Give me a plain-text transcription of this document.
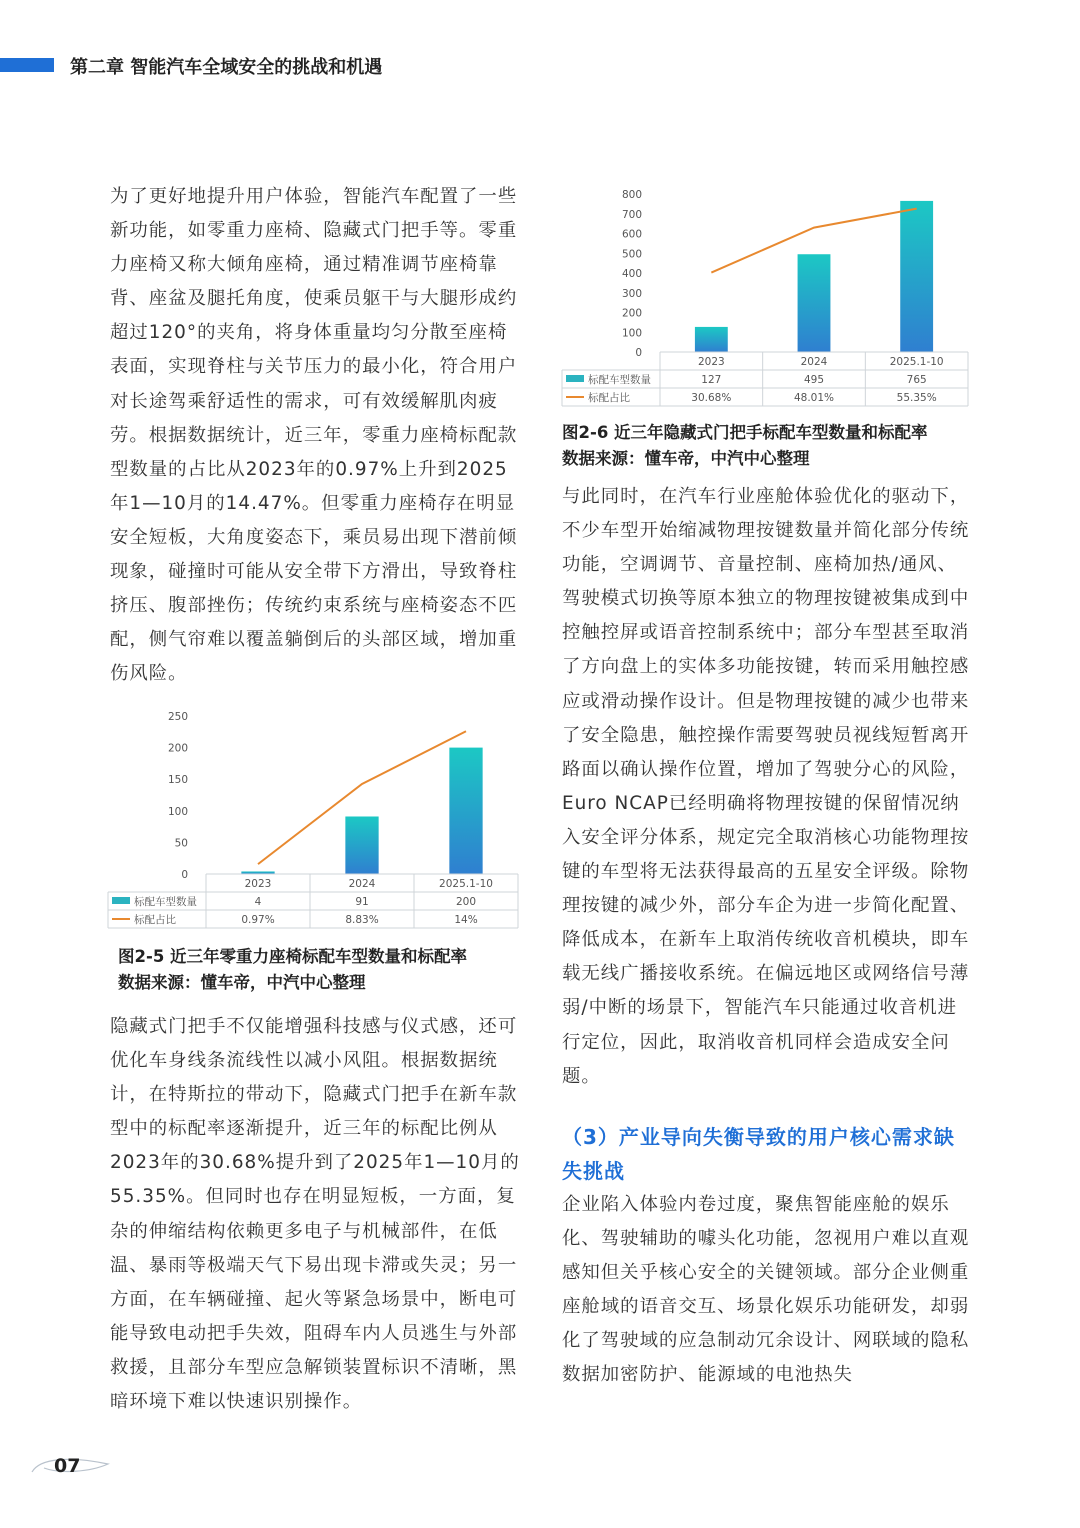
第二章 智能汽车全域安全的挑战和机遇

为了更好地提升用户体验，智能汽车配置了一些新功能，如零重力座椅、隐藏式门把手等。零重力座椅又称大倾角座椅，通过精准调节座椅靠背、座盆及腿托角度，使乘员躯干与大腿形成约超过120°的夹角，将身体重量均匀分散至座椅表面，实现脊柱与关节压力的最小化，符合用户对长途驾乘舒适性的需求，可有效缓解肌肉疲劳。根据数据统计，近三年，零重力座椅标配款型数量的占比从2023年的0.97%上升到2025年1—10月的14.47%。但零重力座椅存在明显安全短板，大角度姿态下，乘员易出现下潜前倾现象，碰撞时可能从安全带下方滑出，导致脊柱挤压、腹部挫伤；传统约束系统与座椅姿态不匹配，侧气帘难以覆盖躺倒后的头部区域，增加重伤风险。

0
50
100
150
200
250
2023
4
0.97%
2024
91
8.83%
2025.1-10
200
14%
标配车型数量
标配占比
图2-5 近三年零重力座椅标配车型数量和标配率
数据来源：懂车帝，中汽中心整理

隐藏式门把手不仅能增强科技感与仪式感，还可优化车身线条流线性以减小风阻。根据数据统计，在特斯拉的带动下，隐藏式门把手在新车款型中的标配率逐渐提升，近三年的标配比例从2023年的30.68%提升到了2025年1—10月的55.35%。但同时也存在明显短板，一方面，复杂的伸缩结构依赖更多电子与机械部件，在低温、暴雨等极端天气下易出现卡滞或失灵；另一方面，在车辆碰撞、起火等紧急场景中，断电可能导致电动把手失效，阻碍车内人员逃生与外部救援，且部分车型应急解锁装置标识不清晰，黑暗环境下难以快速识别操作。

0
100
200
300
400
500
600
700
800
2023
127
30.68%
2024
495
48.01%
2025.1-10
765
55.35%
标配车型数量
标配占比
图2-6 近三年隐藏式门把手标配车型数量和标配率
数据来源：懂车帝，中汽中心整理

与此同时，在汽车行业座舱体验优化的驱动下，不少车型开始缩减物理按键数量并简化部分传统功能，空调调节、音量控制、座椅加热/通风、驾驶模式切换等原本独立的物理按键被集成到中控触控屏或语音控制系统中；部分车型甚至取消了方向盘上的实体多功能按键，转而采用触控感应或滑动操作设计。但是物理按键的减少也带来了安全隐患，触控操作需要驾驶员视线短暂离开路面以确认操作位置，增加了驾驶分心的风险，Euro NCAP已经明确将物理按键的保留情况纳入安全评分体系，规定完全取消核心功能物理按键的车型将无法获得最高的五星安全评级。除物理按键的减少外，部分车企为进一步简化配置、降低成本，在新车上取消传统收音机模块，即车载无线广播接收系统。在偏远地区或网络信号薄弱/中断的场景下，智能汽车只能通过收音机进行定位，因此，取消收音机同样会造成安全问题。

（3）产业导向失衡导致的用户核心需求缺失挑战

企业陷入体验内卷过度，聚焦智能座舱的娱乐化、驾驶辅助的噱头化功能，忽视用户难以直观感知但关乎核心安全的关键领域。部分企业侧重座舱域的语音交互、场景化娱乐功能研发，却弱化了驾驶域的应急制动冗余设计、网联域的隐私数据加密防护、能源域的电池热失

07
